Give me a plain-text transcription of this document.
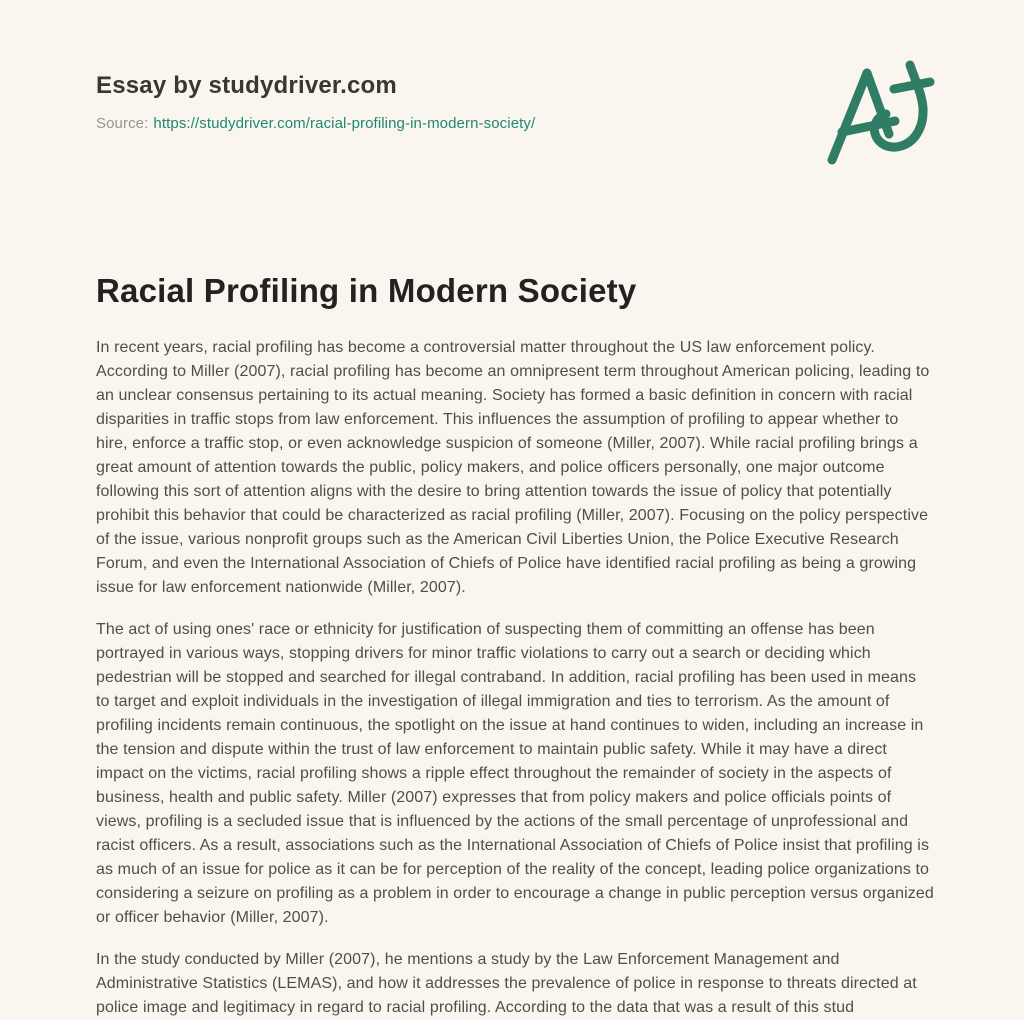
Essay by studydriver.com
Source: https://studydriver.com/racial-profiling-in-modern-society/
Racial Profiling in Modern Society

In recent years, racial profiling has become a controversial matter throughout the US law enforcement policy. According to Miller (2007), racial profiling has become an omnipresent term throughout American policing, leading to an unclear consensus pertaining to its actual meaning. Society has formed a basic definition in concern with racial disparities in traffic stops from law enforcement. This influences the assumption of profiling to appear whether to hire, enforce a traffic stop, or even acknowledge suspicion of someone (Miller, 2007). While racial profiling brings a great amount of attention towards the public, policy makers, and police officers personally, one major outcome following this sort of attention aligns with the desire to bring attention towards the issue of policy that potentially prohibit this behavior that could be characterized as racial profiling (Miller, 2007). Focusing on the policy perspective of the issue, various nonprofit groups such as the American Civil Liberties Union, the Police Executive Research Forum, and even the International Association of Chiefs of Police have identified racial profiling as being a growing issue for law enforcement nationwide (Miller, 2007).

The act of using ones' race or ethnicity for justification of suspecting them of committing an offense has been portrayed in various ways, stopping drivers for minor traffic violations to carry out a search or deciding which pedestrian will be stopped and searched for illegal contraband. In addition, racial profiling has been used in means to target and exploit individuals in the investigation of illegal immigration and ties to terrorism. As the amount of profiling incidents remain continuous, the spotlight on the issue at hand continues to widen, including an increase in the tension and dispute within the trust of law enforcement to maintain public safety. While it may have a direct impact on the victims, racial profiling shows a ripple effect throughout the remainder of society in the aspects of business, health and public safety. Miller (2007) expresses that from policy makers and police officials points of views, profiling is a secluded issue that is influenced by the actions of the small percentage of unprofessional and racist officers. As a result, associations such as the International Association of Chiefs of Police insist that profiling is as much of an issue for police as it can be for perception of the reality of the concept, leading police organizations to considering a seizure on profiling as a problem in order to encourage a change in public perception versus organized or officer behavior (Miller, 2007).

In the study conducted by Miller (2007), he mentions a study by the Law Enforcement Management and Administrative Statistics (LEMAS), and how it addresses the prevalence of police in response to threats directed at police image and legitimacy in regard to racial profiling. According to the data that was a result of this stud
